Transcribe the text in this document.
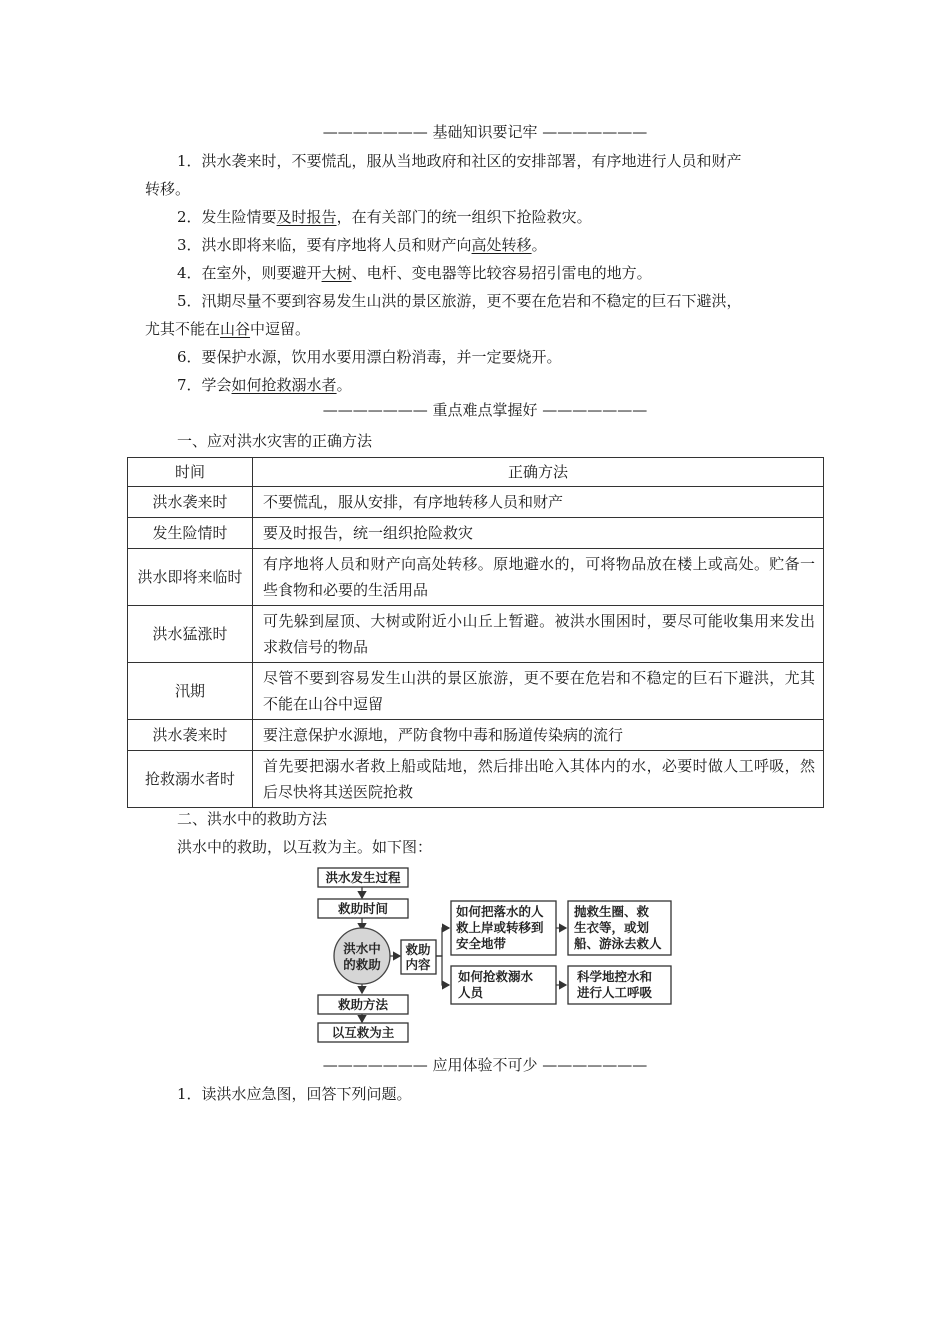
——————— 基础知识要记牢 ———————
1．洪水袭来时，不要慌乱，服从当地政府和社区的安排部署，有序地进行人员和财产
转移。
2．发生险情要及时报告，在有关部门的统一组织下抢险救灾。
3．洪水即将来临，要有序地将人员和财产向高处转移。
4．在室外，则要避开大树、电杆、变电器等比较容易招引雷电的地方。
5．汛期尽量不要到容易发生山洪的景区旅游，更不要在危岩和不稳定的巨石下避洪，
尤其不能在山谷中逗留。
6．要保护水源，饮用水要用漂白粉消毒，并一定要烧开。
7．学会如何抢救溺水者。
——————— 重点难点掌握好 ———————
一、应对洪水灾害的正确方法
时间	正确方法
洪水袭来时	不要慌乱，服从安排，有序地转移人员和财产
发生险情时	要及时报告，统一组织抢险救灾
洪水即将来临时	有序地将人员和财产向高处转移。原地避水的，可将物品放在楼上或高处。贮备一些食物和必要的生活用品
洪水猛涨时	可先躲到屋顶、大树或附近小山丘上暂避。被洪水围困时，要尽可能收集用来发出求救信号的物品
汛期	尽管不要到容易发生山洪的景区旅游，更不要在危岩和不稳定的巨石下避洪，尤其不能在山谷中逗留
洪水袭来时	要注意保护水源地，严防食物中毒和肠道传染病的流行
抢救溺水者时	首先要把溺水者救上船或陆地，然后排出呛入其体内的水，必要时做人工呼吸，然后尽快将其送医院抢救
二、洪水中的救助方法
洪水中的救助，以互救为主。如下图：
洪水发生过程
救助时间
洪水中
的救助
救助
内容
如何把落水的人
救上岸或转移到
安全地带
抛救生圈、救
生衣等，或划
船、游泳去救人
如何抢救溺水
人员
科学地控水和
进行人工呼吸
救助方法
以互救为主
——————— 应用体验不可少 ———————
1．读洪水应急图，回答下列问题。
